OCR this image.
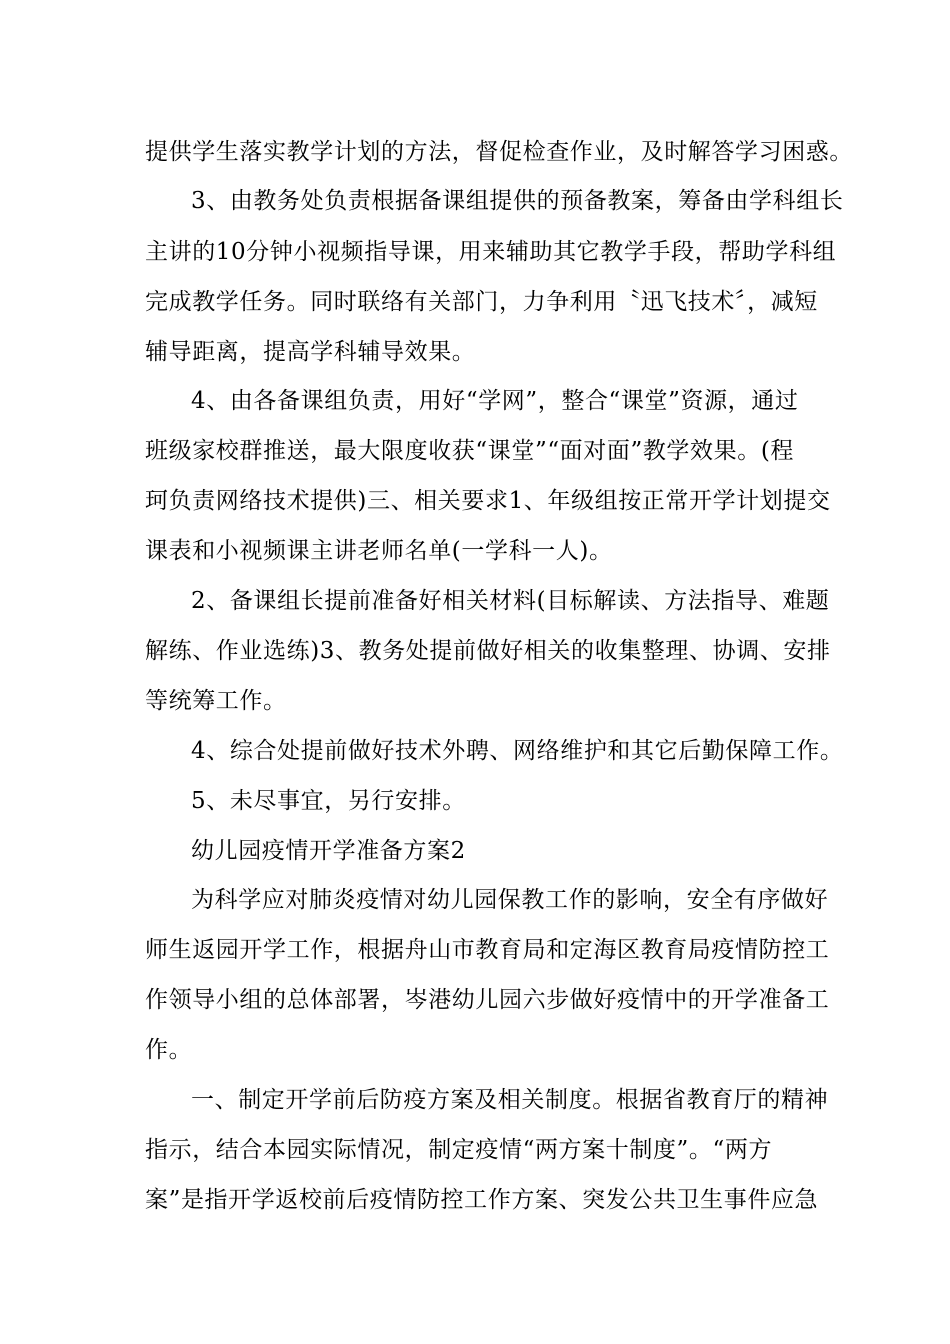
提供学生落实教学计划的方法，督促检查作业，及时解答学习困惑。
3、由教务处负责根据备课组提供的预备教案，筹备由学科组长
主讲的10分钟小视频指导课，用来辅助其它教学手段，帮助学科组
完成教学任务。同时联络有关部门，力争利用〝迅飞技术〞，减短
辅导距离，提高学科辅导效果。
4、由各备课组负责，用好“学网”，整合“课堂”资源，通过
班级家校群推送，最大限度收获“课堂”“面对面”教学效果。(程
珂负责网络技术提供)三、相关要求1、年级组按正常开学计划提交
课表和小视频课主讲老师名单(一学科一人)。
2、备课组长提前准备好相关材料(目标解读、方法指导、难题
解练、作业选练)3、教务处提前做好相关的收集整理、协调、安排
等统筹工作。
4、综合处提前做好技术外聘、网络维护和其它后勤保障工作。
5、未尽事宜，另行安排。
幼儿园疫情开学准备方案2
为科学应对肺炎疫情对幼儿园保教工作的影响，安全有序做好
师生返园开学工作，根据舟山市教育局和定海区教育局疫情防控工
作领导小组的总体部署，岑港幼儿园六步做好疫情中的开学准备工
作。
一、制定开学前后防疫方案及相关制度。根据省教育厅的精神
指示，结合本园实际情况，制定疫情“两方案十制度”。“两方
案”是指开学返校前后疫情防控工作方案、突发公共卫生事件应急
